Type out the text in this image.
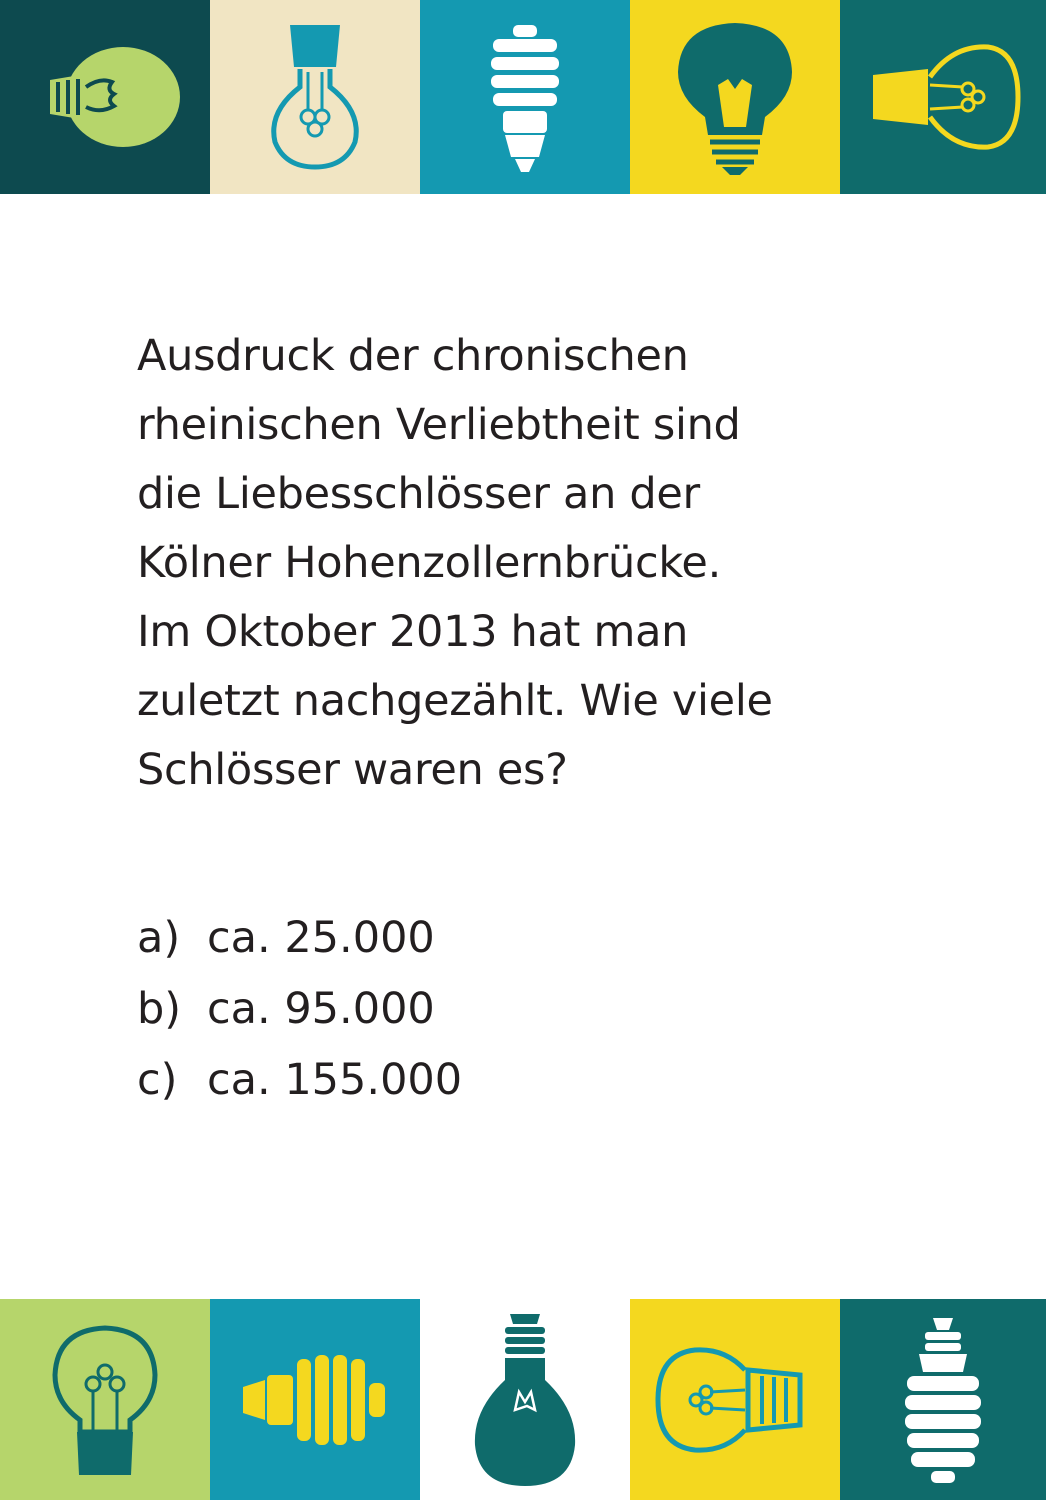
Ausdruck der chronischen
rheinischen Verliebtheit sind
die Liebesschlösser an der
Kölner Hohenzollernbrücke.
Im Oktober 2013 hat man
zuletzt nachgezählt. Wie viele
Schlösser waren es?
a) ca. 25.000
b) ca. 95.000
c) ca. 155.000
